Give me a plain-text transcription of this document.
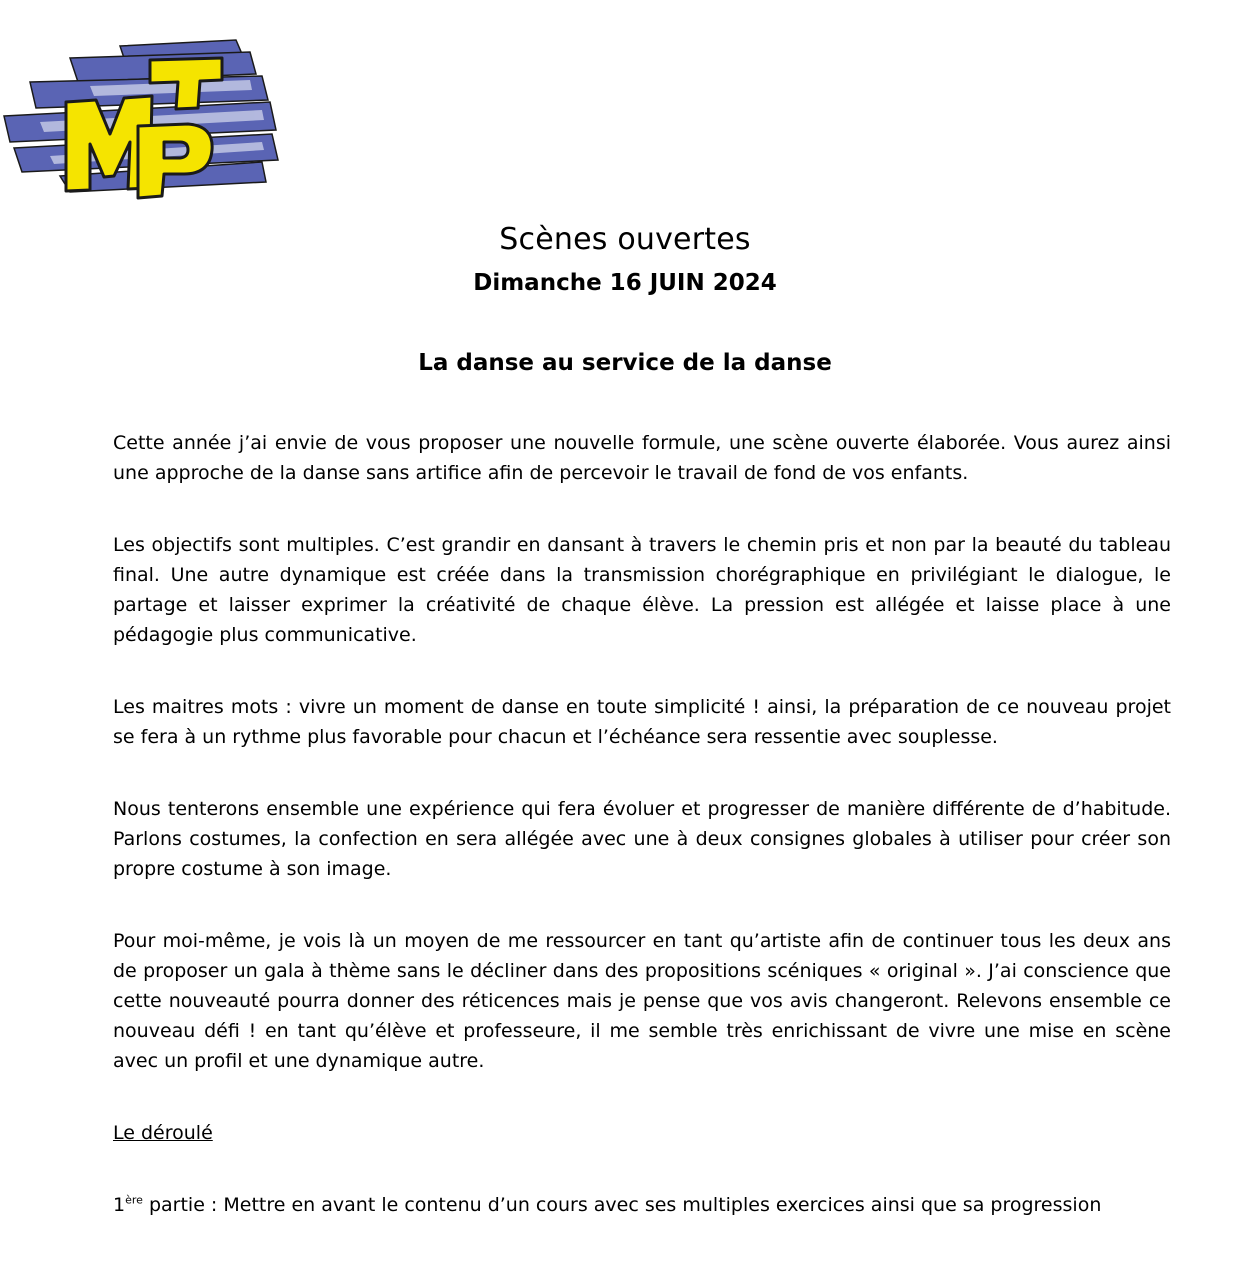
Scènes ouvertes
Dimanche 16 JUIN 2024
La danse au service de la danse

Cette année j’ai envie de vous proposer une nouvelle formule, une scène ouverte élaborée. Vous aurez ainsi une approche de la danse sans artifice afin de percevoir le travail de fond de vos enfants.

Les objectifs sont multiples. C’est grandir en dansant à travers le chemin pris et non par la beauté du tableau final. Une autre dynamique est créée dans la transmission chorégraphique en privilégiant le dialogue, le partage et laisser exprimer la créativité de chaque élève. La pression est allégée et laisse place à une pédagogie plus communicative.

Les maitres mots : vivre un moment de danse en toute simplicité ! ainsi, la préparation de ce nouveau projet se fera à un rythme plus favorable pour chacun et l’échéance sera ressentie avec souplesse.

Nous tenterons ensemble une expérience qui fera évoluer et progresser de manière différente de d’habitude. Parlons costumes, la confection en sera allégée avec une à deux consignes globales à utiliser pour créer son propre costume à son image.

Pour moi-même, je vois là un moyen de me ressourcer en tant qu’artiste afin de continuer tous les deux ans de proposer un gala à thème sans le décliner dans des propositions scéniques « original ». J’ai conscience que cette nouveauté pourra donner des réticences mais je pense que vos avis changeront. Relevons ensemble ce nouveau défi ! en tant qu’élève et professeure, il me semble très enrichissant de vivre une mise en scène avec un profil et une dynamique autre.

Le déroulé

1ère partie : Mettre en avant le contenu d’un cours avec ses multiples exercices ainsi que sa progression
